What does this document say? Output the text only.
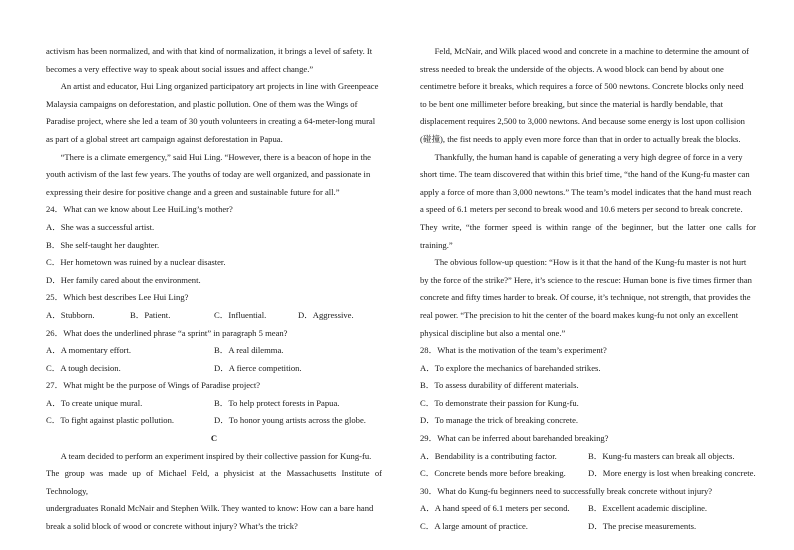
activism has been normalized, and with that kind of normalization, it brings a level of safety. It
becomes a very effective way to speak about social issues and affect change.”

An artist and educator, Hui Ling organized participatory art projects in line with Greenpeace
Malaysia campaigns on deforestation, and plastic pollution. One of them was the Wings of
Paradise project, where she led a team of 30 youth volunteers in creating a 64-meter-long mural
as part of a global street art campaign against deforestation in Papua.

“There is a climate emergency,” said Hui Ling. “However, there is a beacon of hope in the
youth activism of the last few years. The youths of today are well organized, and passionate in
expressing their desire for positive change and a green and sustainable future for all.”

24．What can we know about Lee HuiLing’s mother?

A．She was a successful artist.

B．She self-taught her daughter.

C．Her hometown was ruined by a nuclear disaster.

D．Her family cared about the environment.

25．Which best describes Lee Hui Ling?

A．Stubborn.	B．Patient.	C．Influential.	D．Aggressive.

26．What does the underlined phrase “a sprint” in paragraph 5 mean?

A．A momentary effort.	B．A real dilemma.
C．A tough decision.	D．A fierce competition.

27．What might be the purpose of Wings of Paradise project?

A．To create unique mural.	B．To help protect forests in Papua.
C．To fight against plastic pollution.	D．To honor young artists across the globe.

C

A team decided to perform an experiment inspired by their collective passion for Kung-fu.
The group was made up of Michael Feld, a physicist at the Massachusetts Institute of Technology,
undergraduates Ronald McNair and Stephen Wilk. They wanted to know: How can a bare hand
break a solid block of wood or concrete without injury? What’s the trick?

Feld, McNair, and Wilk placed wood and concrete in a machine to determine the amount of
stress needed to break the underside of the objects. A wood block can bend by about one
centimetre before it breaks, which requires a force of 500 newtons. Concrete blocks only need
to be bent one millimeter before breaking, but since the material is hardly bendable, that
displacement requires 2,500 to 3,000 newtons. And because some energy is lost upon collision
(碰撞), the fist needs to apply even more force than that in order to actually break the blocks.

Thankfully, the human hand is capable of generating a very high degree of force in a very
short time. The team discovered that within this brief time, “the hand of the Kung-fu master can
apply a force of more than 3,000 newtons.” The team’s model indicates that the hand must reach
a speed of 6.1 meters per second to break wood and 10.6 meters per second to break concrete.
They write, “the former speed is within range of the beginner, but the latter one calls for training.”

The obvious follow-up question: “How is it that the hand of the Kung-fu master is not hurt
by the force of the strike?” Here, it’s science to the rescue: Human bone is five times firmer than
concrete and fifty times harder to break. Of course, it’s technique, not strength, that provides the
real power. “The precision to hit the center of the board makes kung-fu not only an excellent
physical discipline but also a mental one.”

28．What is the motivation of the team’s experiment?

A．To explore the mechanics of barehanded strikes.

B．To assess durability of different materials.

C．To demonstrate their passion for Kung-fu.

D．To manage the trick of breaking concrete.

29．What can be inferred about barehanded breaking?

A．Bendability is a contributing factor.	B．Kung-fu masters can break all objects.
C．Concrete bends more before breaking.	D．More energy is lost when breaking concrete.

30．What do Kung-fu beginners need to successfully break concrete without injury?

A．A hand speed of 6.1 meters per second.	B．Excellent academic discipline.
C．A large amount of practice.	D．The precise measurements.
